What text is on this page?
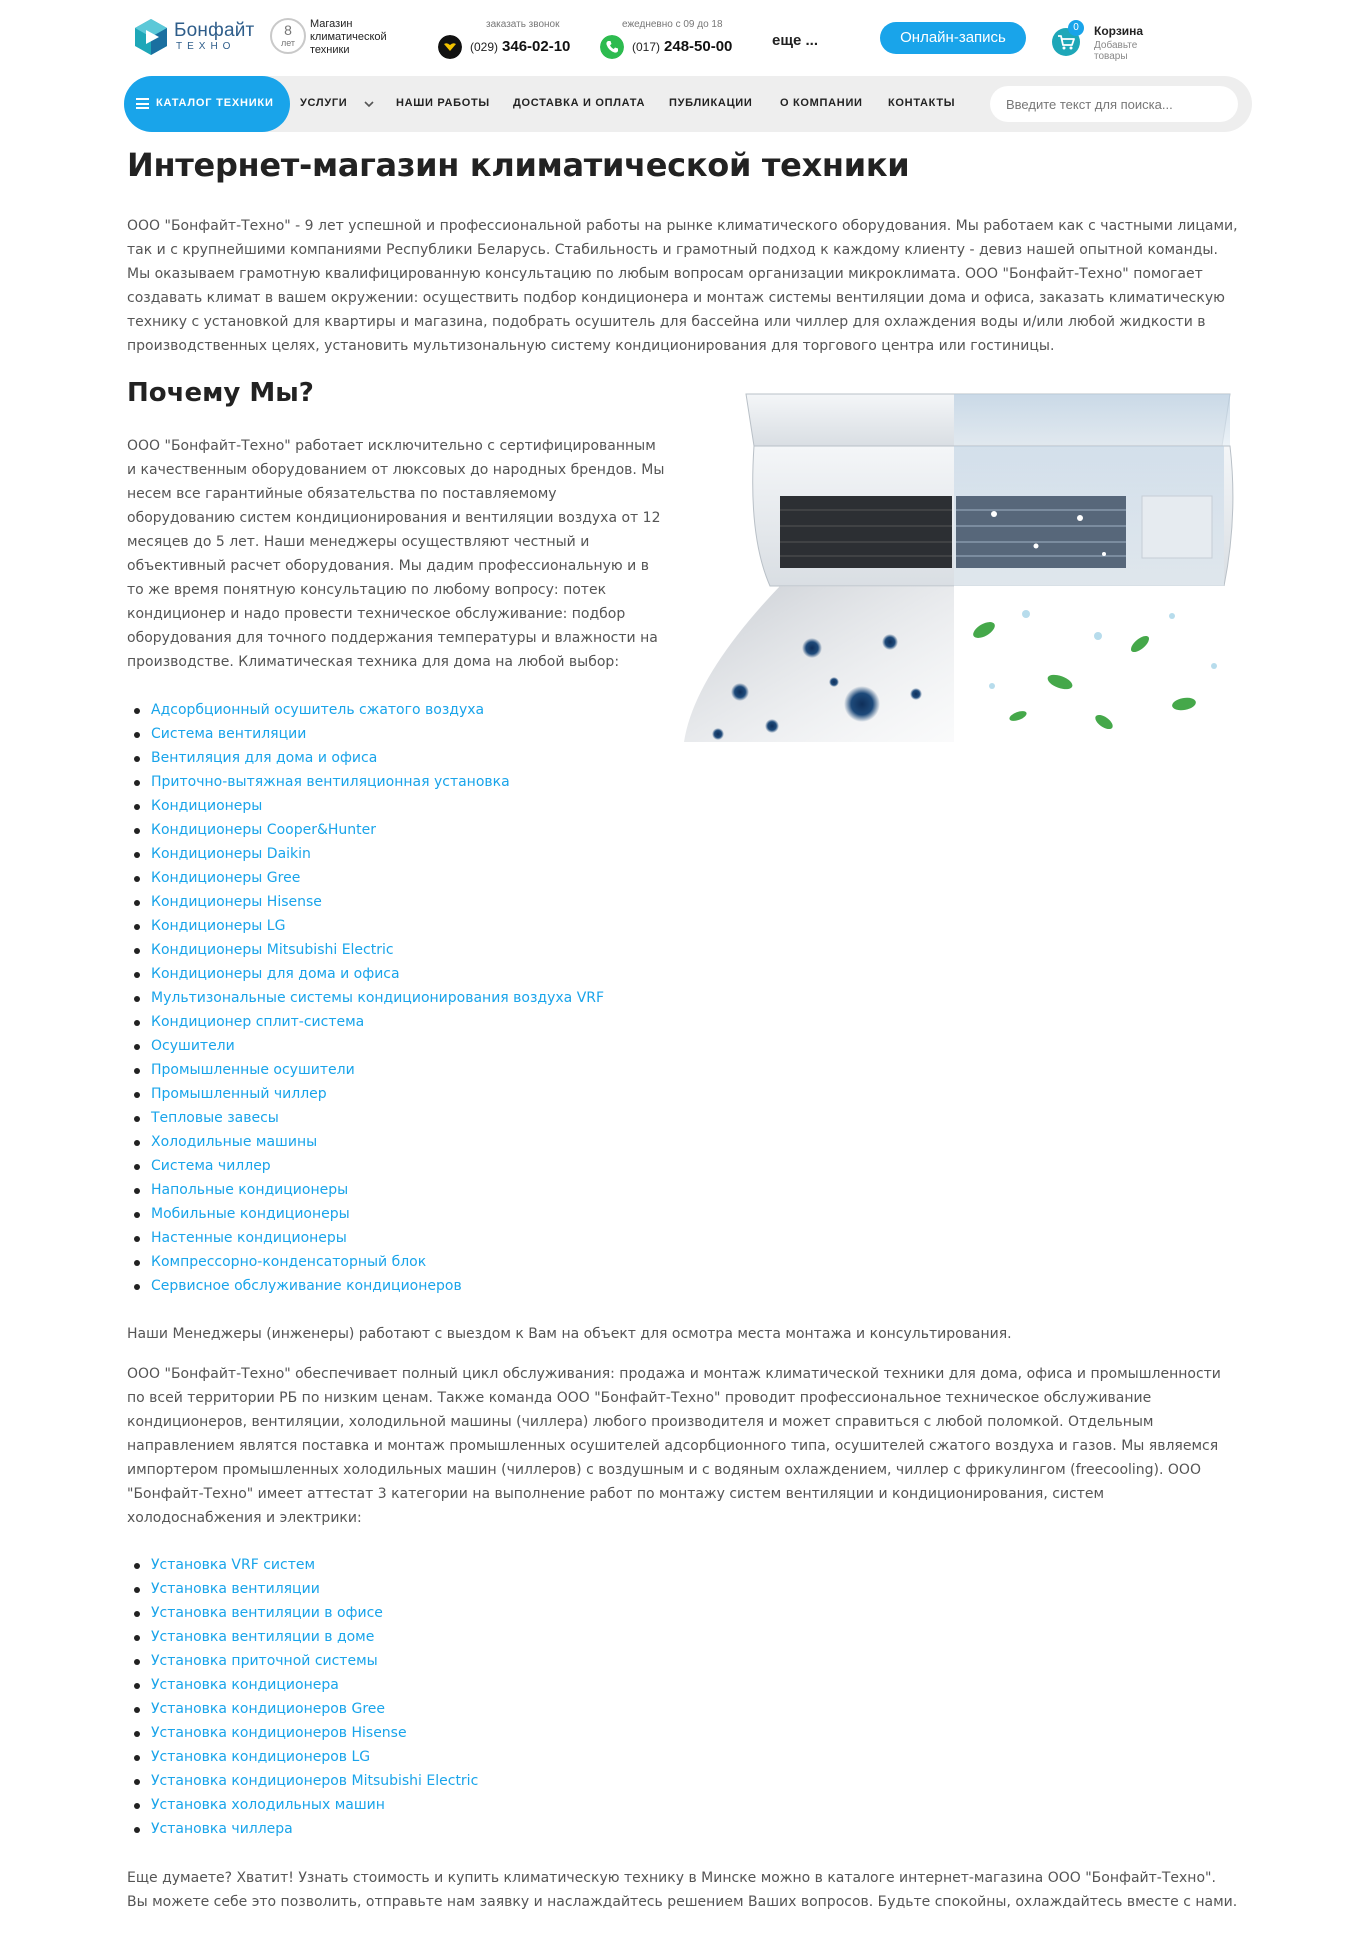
Бонфайт
ТЕХНО
8
лет
Магазин климатической техники
заказать звонок
(029) 346-02-10
ежедневно с 09 до 18
(017) 248-50-00	еще ...	Онлайн-запись
0	Корзина
Добавьте товары
КАТАЛОГ ТЕХНИКИ УСЛУГИ	НАШИ РАБОТЫ ДОСТАВКА И ОПЛАТА ПУБЛИКАЦИИ О КОМПАНИИ КОНТАКТЫ
Введите текст для поиска...
Интернет-магазин климатической техники

ООО "Бонфайт-Техно" - 9 лет успешной и профессиональной работы на рынке климатического оборудования. Мы работаем как с частными лицами, так и с крупнейшими компаниями Республики Беларусь. Стабильность и грамотный подход к каждому клиенту - девиз нашей опытной команды. Мы оказываем грамотную квалифицированную консультацию по любым вопросам организации микроклимата. ООО "Бонфайт-Техно" помогает создавать климат в вашем окружении: осуществить подбор кондиционера и монтаж системы вентиляции дома и офиса, заказать климатическую технику с установкой для квартиры и магазина, подобрать осушитель для бассейна или чиллер для охлаждения воды и/или любой жидкости в производственных целях, установить мультизональную систему кондиционирования для торгового центра или гостиницы.

Почему Мы?

ООО "Бонфайт-Техно" работает исключительно с сертифицированным и качественным оборудованием от люксовых до народных брендов. Мы несем все гарантийные обязательства по поставляемому оборудованию систем кондиционирования и вентиляции воздуха от 12 месяцев до 5 лет. Наши менеджеры осуществляют честный и объективный расчет оборудования. Мы дадим профессиональную и в то же время понятную консультацию по любому вопросу: потек кондиционер и надо провести техническое обслуживание: подбор оборудования для точного поддержания температуры и влажности на производстве. Климатическая техника для дома на любой выбор:

Адсорбционный осушитель сжатого воздуха
Система вентиляции
Вентиляция для дома и офиса
Приточно-вытяжная вентиляционная установка
Кондиционеры
Кондиционеры Cooper&Hunter
Кондиционеры Daikin
Кондиционеры Gree
Кондиционеры Hisense
Кондиционеры LG
Кондиционеры Mitsubishi Electric
Кондиционеры для дома и офиса
Мультизональные системы кондиционирования воздуха VRF
Кондиционер сплит-система
Осушители
Промышленные осушители
Промышленный чиллер
Тепловые завесы
Холодильные машины
Система чиллер
Напольные кондиционеры
Мобильные кондиционеры
Настенные кондиционеры
Компрессорно-конденсаторный блок
Сервисное обслуживание кондиционеров

Наши Менеджеры (инженеры) работают с выездом к Вам на объект для осмотра места монтажа и консультирования.

ООО "Бонфайт-Техно" обеспечивает полный цикл обслуживания: продажа и монтаж климатической техники для дома, офиса и промышленности по всей территории РБ по низким ценам. Также команда ООО "Бонфайт-Техно" проводит профессиональное техническое обслуживание кондиционеров, вентиляции, холодильной машины (чиллера) любого производителя и может справиться с любой поломкой. Отдельным направлением являтся поставка и монтаж промышленных осушителей адсорбционного типа, осушителей сжатого воздуха и газов. Мы являемся импортером промышленных холодильных машин (чиллеров) с воздушным и с водяным охлаждением, чиллер с фрикулингом (freecooling). ООО "Бонфайт-Техно" имеет аттестат 3 категории на выполнение работ по монтажу систем вентиляции и кондиционирования, систем холодоснабжения и электрики:

Установка VRF систем
Установка вентиляции
Установка вентиляции в офисе
Установка вентиляции в доме
Установка приточной системы
Установка кондиционера
Установка кондиционеров Gree
Установка кондиционеров Hisense
Установка кондиционеров LG
Установка кондиционеров Mitsubishi Electric
Установка холодильных машин
Установка чиллера

Еще думаете? Хватит! Узнать стоимость и купить климатическую технику в Минске можно в каталоге интернет-магазина ООО "Бонфайт-Техно". Вы можете себе это позволить, отправьте нам заявку и наслаждайтесь решением Ваших вопросов. Будьте спокойны, охлаждайтесь вместе с нами.
